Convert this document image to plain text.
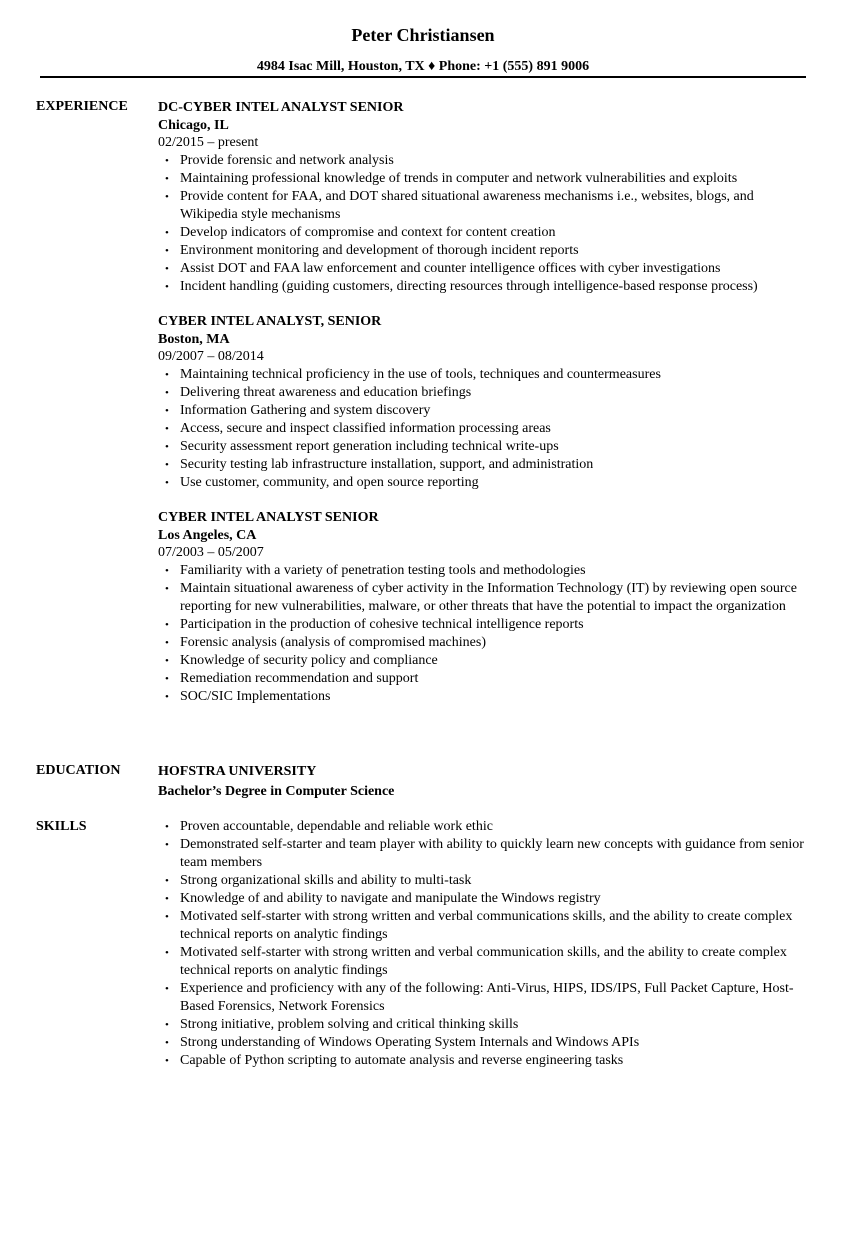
Peter Christiansen
4984 Isac Mill, Houston, TX ♦ Phone: +1 (555) 891 9006
EXPERIENCE DC-CYBER INTEL ANALYST SENIOR
Chicago, IL
02/2015 – present
• Provide forensic and network analysis
• Maintaining professional knowledge of trends in computer and network vulnerabilities and exploits
• Provide content for FAA, and DOT shared situational awareness mechanisms i.e., websites, blogs, and Wikipedia style mechanisms
• Develop indicators of compromise and context for content creation
• Environment monitoring and development of thorough incident reports
• Assist DOT and FAA law enforcement and counter intelligence offices with cyber investigations
• Incident handling (guiding customers, directing resources through intelligence-based response process)
CYBER INTEL ANALYST, SENIOR
Boston, MA
09/2007 – 08/2014
• Maintaining technical proficiency in the use of tools, techniques and countermeasures
• Delivering threat awareness and education briefings
• Information Gathering and system discovery
• Access, secure and inspect classified information processing areas
• Security assessment report generation including technical write-ups
• Security testing lab infrastructure installation, support, and administration
• Use customer, community, and open source reporting
CYBER INTEL ANALYST SENIOR
Los Angeles, CA
07/2003 – 05/2007
• Familiarity with a variety of penetration testing tools and methodologies
• Maintain situational awareness of cyber activity in the Information Technology (IT) by reviewing open source reporting for new vulnerabilities, malware, or other threats that have the potential to impact the organization
• Participation in the production of cohesive technical intelligence reports
• Forensic analysis (analysis of compromised machines)
• Knowledge of security policy and compliance
• Remediation recommendation and support
• SOC/SIC Implementations
EDUCATION	HOFSTRA UNIVERSITY
Bachelor’s Degree in Computer Science
SKILLS	• Proven accountable, dependable and reliable work ethic
• Demonstrated self-starter and team player with ability to quickly learn new concepts with guidance from senior team members
• Strong organizational skills and ability to multi-task
• Knowledge of and ability to navigate and manipulate the Windows registry
• Motivated self-starter with strong written and verbal communications skills, and the ability to create complex technical reports on analytic findings
• Motivated self-starter with strong written and verbal communication skills, and the ability to create complex technical reports on analytic findings
• Experience and proficiency with any of the following: Anti-Virus, HIPS, IDS/IPS, Full Packet Capture, Host-Based Forensics, Network Forensics
• Strong initiative, problem solving and critical thinking skills
• Strong understanding of Windows Operating System Internals and Windows APIs
• Capable of Python scripting to automate analysis and reverse engineering tasks
